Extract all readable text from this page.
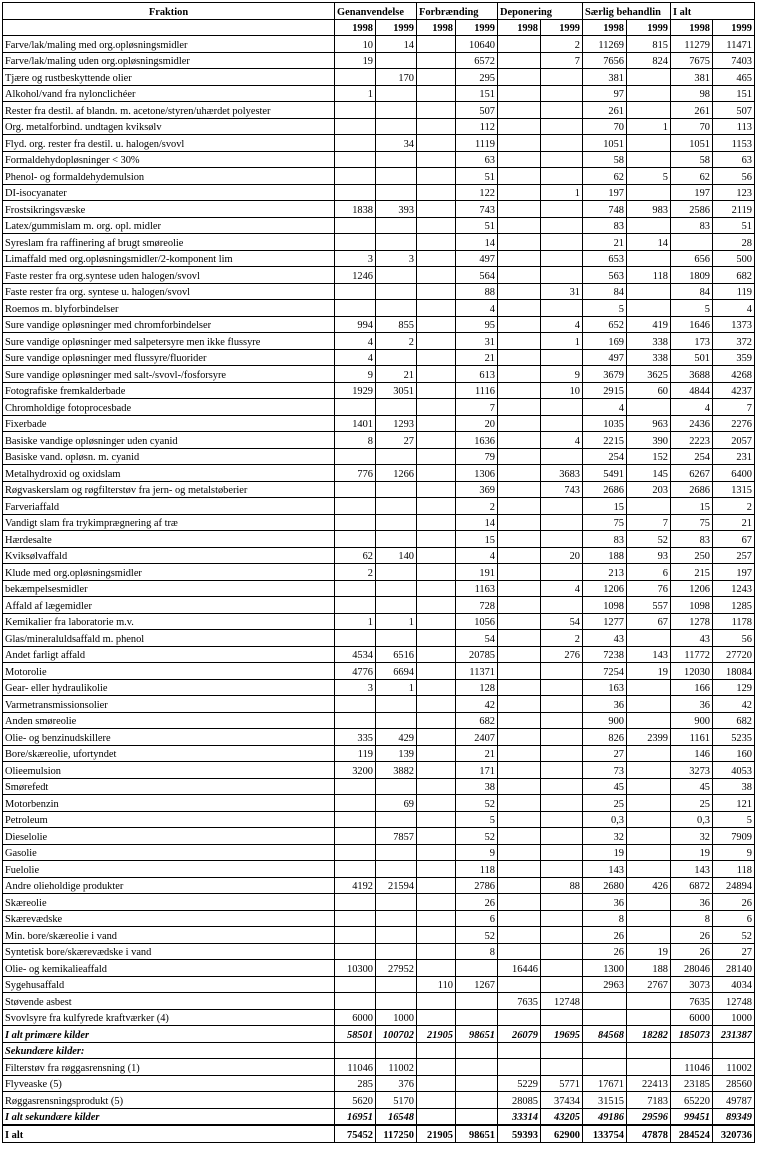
Fraktion	Genanvendelse		Forbrænding		Deponering		Særlig behandlin		I alt	
	1998	1999	1998	1999	1998	1999	1998	1999	1998	1999
Farve/lak/maling med org.opløsningsmidler	10	14		10640		2	11269	815	11279	11471
Farve/lak/maling uden org.opløsningsmidler	19			6572		7	7656	824	7675	7403
Tjære og rustbeskyttende olier		170		295			381		381	465
Alkohol/vand fra nylonclichéer	1			151			97		98	151
Rester fra destil. af blandn. m. acetone/styren/uhærdet polyester				507			261		261	507
Org. metalforbind. undtagen kviksølv				112			70	1	70	113
Flyd. org. rester fra destil. u. halogen/svovl		34		1119			1051		1051	1153
Formaldehydopløsninger < 30%				63			58		58	63
Phenol- og formaldehydemulsion				51			62	5	62	56
DI-isocyanater				122		1	197		197	123
Frostsikringsvæske	1838	393		743			748	983	2586	2119
Latex/gummislam m. org. opl. midler				51			83		83	51
Syreslam fra raffinering af brugt smøreolie				14			21	14		28
Limaffald med org.opløsningsmidler/2-komponent lim	3	3		497			653		656	500
Faste rester fra org.syntese uden halogen/svovl	1246			564			563	118	1809	682
Faste rester fra org. syntese u. halogen/svovl				88		31	84		84	119
Roemos m. blyforbindelser				4			5		5	4
Sure vandige opløsninger med chromforbindelser	994	855		95		4	652	419	1646	1373
Sure vandige opløsninger med salpetersyre men ikke flussyre	4	2		31		1	169	338	173	372
Sure vandige opløsninger med flussyre/fluorider	4			21			497	338	501	359
Sure vandige opløsninger med salt-/svovl-/fosforsyre	9	21		613		9	3679	3625	3688	4268
Fotografiske fremkalderbade	1929	3051		1116		10	2915	60	4844	4237
Chromholdige fotoprocesbade				7			4		4	7
Fixerbade	1401	1293		20			1035	963	2436	2276
Basiske vandige opløsninger uden cyanid	8	27		1636		4	2215	390	2223	2057
Basiske vand. opløsn. m. cyanid				79			254	152	254	231
Metalhydroxid og oxidslam	776	1266		1306		3683	5491	145	6267	6400
Røgvaskerslam og røgfilterstøv fra jern- og metalstøberier				369		743	2686	203	2686	1315
Farveriaffald				2			15		15	2
Vandigt slam fra trykimprægnering af træ				14			75	7	75	21
Hærdesalte				15			83	52	83	67
Kviksølvaffald	62	140		4		20	188	93	250	257
Klude med org.opløsningsmidler	2			191			213	6	215	197
bekæmpelsesmidler				1163		4	1206	76	1206	1243
Affald af lægemidler				728			1098	557	1098	1285
Kemikalier fra laboratorie m.v.	1	1		1056		54	1277	67	1278	1178
Glas/mineraluldsaffald m. phenol				54		2	43		43	56
Andet farligt affald	4534	6516		20785		276	7238	143	11772	27720
Motorolie	4776	6694		11371			7254	19	12030	18084
Gear- eller hydraulikolie	3	1		128			163		166	129
Varmetransmissionsolier				42			36		36	42
Anden smøreolie				682			900		900	682
Olie- og benzinudskillere	335	429		2407			826	2399	1161	5235
Bore/skæreolie, ufortyndet	119	139		21			27		146	160
Olieemulsion	3200	3882		171			73		3273	4053
Smørefedt				38			45		45	38
Motorbenzin		69		52			25		25	121
Petroleum				5			0,3		0,3	5
Dieselolie		7857		52			32		32	7909
Gasolie				9			19		19	9
Fuelolie				118			143		143	118
Andre olieholdige produkter	4192	21594		2786		88	2680	426	6872	24894
Skæreolie				26			36		36	26
Skærevædske				6			8		8	6
Min. bore/skæreolie i vand				52			26		26	52
Syntetisk bore/skærevædske i vand				8			26	19	26	27
Olie- og kemikalieaffald	10300	27952			16446		1300	188	28046	28140
Sygehusaffald			110	1267			2963	2767	3073	4034
Støvende asbest					7635	12748			7635	12748
Svovlsyre fra kulfyrede kraftværker (4)	6000	1000							6000	1000
I alt primære kilder	58501	100702	21905	98651	26079	19695	84568	18282	185073	231387
Sekundære kilder:										
Filterstøv fra røggasrensning (1)	11046	11002							11046	11002
Flyveaske (5)	285	376			5229	5771	17671	22413	23185	28560
Røggasrensningsprodukt (5)	5620	5170			28085	37434	31515	7183	65220	49787
I alt sekundære kilder	16951	16548			33314	43205	49186	29596	99451	89349
I alt	75452	117250	21905	98651	59393	62900	133754	47878	284524	320736
